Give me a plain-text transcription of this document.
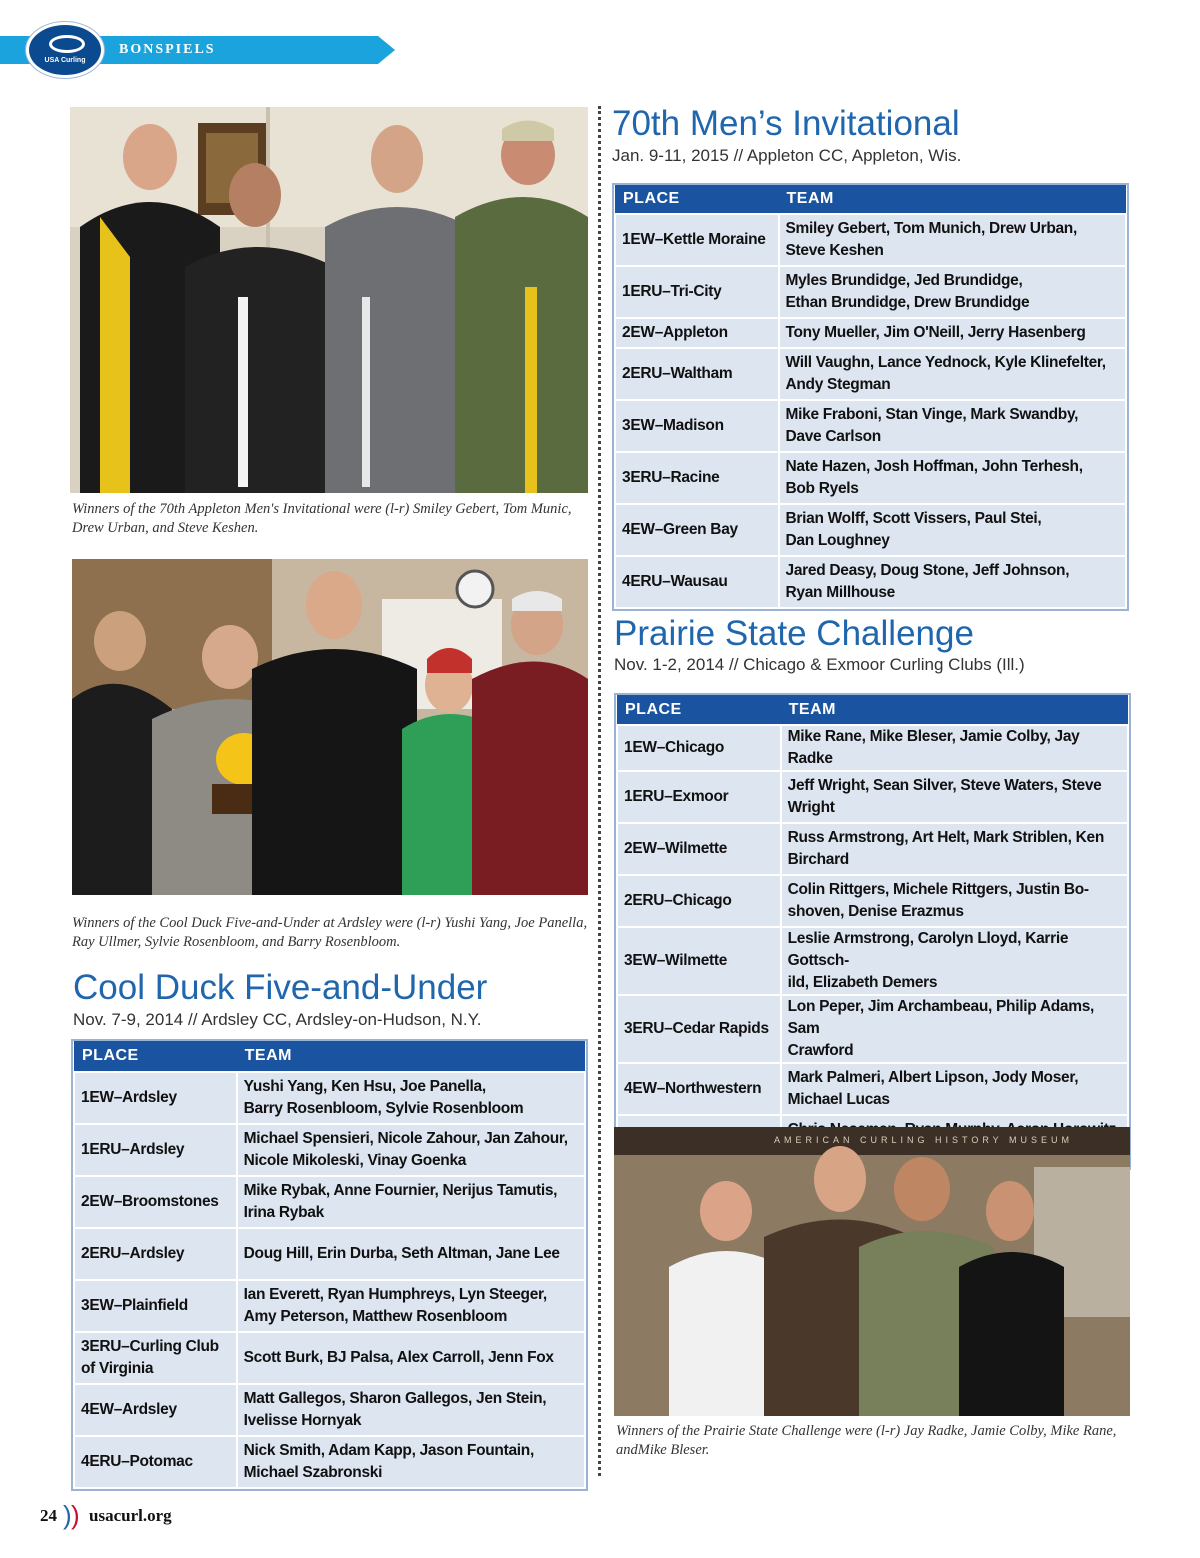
BONSPIELS
USA Curling
Winners of the 70th Appleton Men's Invitational were (l-r) Smiley Gebert, Tom Munic, Drew Urban, and Steve Keshen.
Winners of the Cool Duck Five-and-Under at Ardsley were (l-r) Yushi Yang, Joe Panella, Ray Ullmer, Sylvie Rosenbloom, and Barry Rosenbloom.
Cool Duck Five-and-Under
Nov. 7-9, 2014 // Ardsley CC, Ardsley-on-Hudson, N.Y.
PLACE	TEAM
1EW–Ardsley	Yushi Yang, Ken Hsu, Joe Panella,
Barry Rosenbloom, Sylvie Rosenbloom
1ERU–Ardsley	Michael Spensieri, Nicole Zahour, Jan Zahour,
Nicole Mikoleski, Vinay Goenka
2EW–Broomstones	Mike Rybak, Anne Fournier, Nerijus Tamutis,
Irina Rybak
2ERU–Ardsley	Doug Hill, Erin Durba, Seth Altman, Jane Lee
3EW–Plainfield	Ian Everett, Ryan Humphreys, Lyn Steeger,
Amy Peterson, Matthew Rosenbloom
3ERU–Curling Club
of Virginia	Scott Burk, BJ Palsa, Alex Carroll, Jenn Fox
4EW–Ardsley	Matt Gallegos, Sharon Gallegos, Jen Stein,
Ivelisse Hornyak
4ERU–Potomac	Nick Smith, Adam Kapp, Jason Fountain,
Michael Szabronski
70th Men’s Invitational
Jan. 9-11, 2015 // Appleton CC, Appleton, Wis.
PLACE	TEAM
1EW–Kettle Moraine	Smiley Gebert, Tom Munich, Drew Urban,
Steve Keshen
1ERU–Tri-City	Myles Brundidge, Jed Brundidge,
Ethan Brundidge, Drew Brundidge
2EW–Appleton	Tony Mueller, Jim O'Neill, Jerry Hasenberg
2ERU–Waltham	Will Vaughn, Lance Yednock, Kyle Klinefelter,
Andy Stegman
3EW–Madison	Mike Fraboni, Stan Vinge, Mark Swandby,
Dave Carlson
3ERU–Racine	Nate Hazen, Josh Hoffman, John Terhesh,
Bob Ryels
4EW–Green Bay	Brian Wolff, Scott Vissers, Paul Stei,
Dan Loughney
4ERU–Wausau	Jared Deasy, Doug Stone, Jeff Johnson,
Ryan Millhouse
Prairie State Challenge
Nov. 1-2, 2014 // Chicago & Exmoor Curling Clubs (Ill.)
PLACE	TEAM
1EW–Chicago	Mike Rane, Mike Bleser, Jamie Colby, Jay Radke
1ERU–Exmoor	Jeff Wright, Sean Silver, Steve Waters, Steve
Wright
2EW–Wilmette	Russ Armstrong, Art Helt, Mark Striblen, Ken
Birchard
2ERU–Chicago	Colin Rittgers, Michele Rittgers, Justin Bo-
shoven, Denise Erazmus
3EW–Wilmette	Leslie Armstrong, Carolyn Lloyd, Karrie Gottsch-
ild, Elizabeth Demers
3ERU–Cedar Rapids	Lon Peper, Jim Archambeau, Philip Adams, Sam
Crawford
4EW–Northwestern	Mark Palmeri, Albert Lipson, Jody Moser,
Michael Lucas

AMERICAN CURLING HISTORY MUSEUM
Winners of the Prairie State Challenge were (l-r) Jay Radke, Jamie Colby, Mike Rane, andMike Bleser.
24 ) ) usacurl.org
